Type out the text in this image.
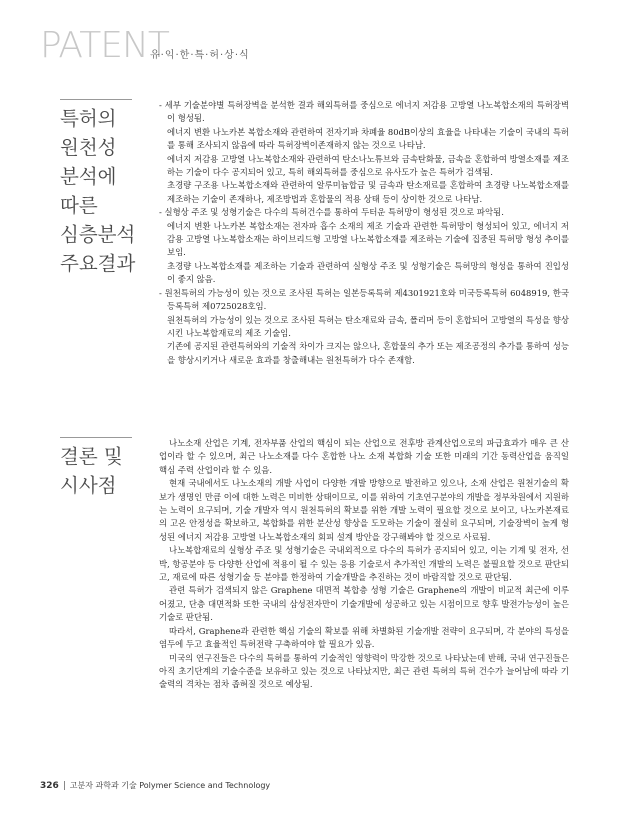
PATENT
유·익·한·특·허·상·식
특허의
원천성
분석에
따른
심층분석
주요결과

- 세부 기술분야별 특허장벽을 분석한 결과 해외특허를 중심으로 에너지 저감용 고방열 나노복합소재의 특허장벽이 형성됨.

에너지 변환 나노카본 복합소재와 관련하여 전자기파 차폐율 80dB이상의 효율을 나타내는 기술이 국내의 특허를 통해 조사되지 않음에 따라 특허장벽이존재하지 않는 것으로 나타남.

에너지 저감용 고방열 나노복합소재와 관련하여 탄소나노튜브와 금속탄화물, 금속을 혼합하여 방열소재를 제조하는 기술이 다수 공지되어 있고, 특히 해외특허를 중심으로 유사도가 높은 특허가 검색됨.

초경량 구조용 나노복합소재와 관련하여 알루미늄합금 및 금속과 탄소재료를 혼합하여 초경량 나노복합소재를 제조하는 기술이 존재하나, 제조방법과 혼합물의 적용 상태 등이 상이한 것으로 나타남.

- 실형상 주조 및 성형기술은 다수의 특허건수를 통하여 두터운 특허망이 형성된 것으로 파악됨.

에너지 변환 나노카본 복합소재는 전자파 흡수 소재의 제조 기술과 관련한 특허망이 형성되어 있고, 에너지 저감용 고방열 나노복합소재는 하이브리드형 고방열 나노복합소재를 제조하는 기술에 집중된 특허망 형성 추이를 보임.

초경량 나노복합소재를 제조하는 기술과 관련하여 실형상 주조 및 성형기술은 특허망의 형성을 통하여 진입성이 좋지 않음.

- 원천특허의 가능성이 있는 것으로 조사된 특허는 일본등록특허 제4301921호와 미국등록특허 6048919, 한국등록특허 제0725028호임.

원천특허의 가능성이 있는 것으로 조사된 특허는 탄소재료와 금속, 폴리머 등이 혼합되어 고방열의 특성을 향상시킨 나노복합재료의 제조 기술임.

기존에 공지된 관련특허와의 기술적 차이가 크지는 않으나, 혼합물의 추가 또는 제조공정의 추가를 통하여 성능을 향상시키거나 새로운 효과를 창출해내는 원천특허가 다수 존재함.

결론 및
시사점

나노소재 산업은 기계, 전자부품 산업의 핵심이 되는 산업으로 전후방 관계산업으로의 파급효과가 매우 큰 산업이라 할 수 있으며, 최근 나노소재를 다수 혼합한 나노 소재 복합화 기술 또한 미래의 기간 동력산업을 움직일 핵심 주력 산업이라 할 수 있음.

현재 국내에서도 나노소재의 개발 사업이 다양한 개발 방향으로 발전하고 있으나, 소재 산업은 원천기술의 확보가 생명인 만큼 이에 대한 노력은 미비한 상태이므로, 이를 위하여 기초연구분야의 개발을 정부차원에서 지원하는 노력이 요구되며, 기술 개발자 역시 원천특허의 확보를 위한 개발 노력이 필요할 것으로 보이고, 나노카본재료의 고온 안정성을 확보하고, 복합화를 위한 분산성 향상을 도모하는 기술이 절실히 요구되며, 기술장벽이 높게 형성된 에너지 저감용 고방열 나노복합소재의 회피 설계 방안을 강구해봐야 할 것으로 사료됨.

나노복합재료의 실형상 주조 및 성형기술은 국내외적으로 다수의 특허가 공지되어 있고, 이는 기계 및 전자, 선박, 항공분야 등 다양한 산업에 적용이 될 수 있는 응용 기술로서 추가적인 개발의 노력은 불필요할 것으로 판단되고, 재료에 따른 성형기술 등 분야를 한정하여 기술개발을 추진하는 것이 바람직할 것으로 판단됨.

관련 특허가 검색되지 않은 Graphene 대면적 복합층 성형 기술은 Graphene의 개발이 비교적 최근에 이루어졌고, 단층 대면적화 또한 국내의 삼성전자만이 기술개발에 성공하고 있는 시점이므로 향후 발전가능성이 높은 기술로 판단됨.

따라서, Graphene과 관련한 핵심 기술의 확보를 위해 차별화된 기술개발 전략이 요구되며, 각 분야의 특성을 염두에 두고 효율적인 특허전략 구축하여야 할 필요가 있음.

미국의 연구진들은 다수의 특허를 통하여 기술적인 영향력이 막강한 것으로 나타났는데 반해, 국내 연구진들은 아직 초기단계의 기술수준을 보유하고 있는 것으로 나타났지만, 최근 관련 특허의 특허 건수가 늘어남에 따라 기술력의 격차는 점차 좁혀질 것으로 예상됨.

326 고분자 과학과 기술 Polymer Science and Technology
